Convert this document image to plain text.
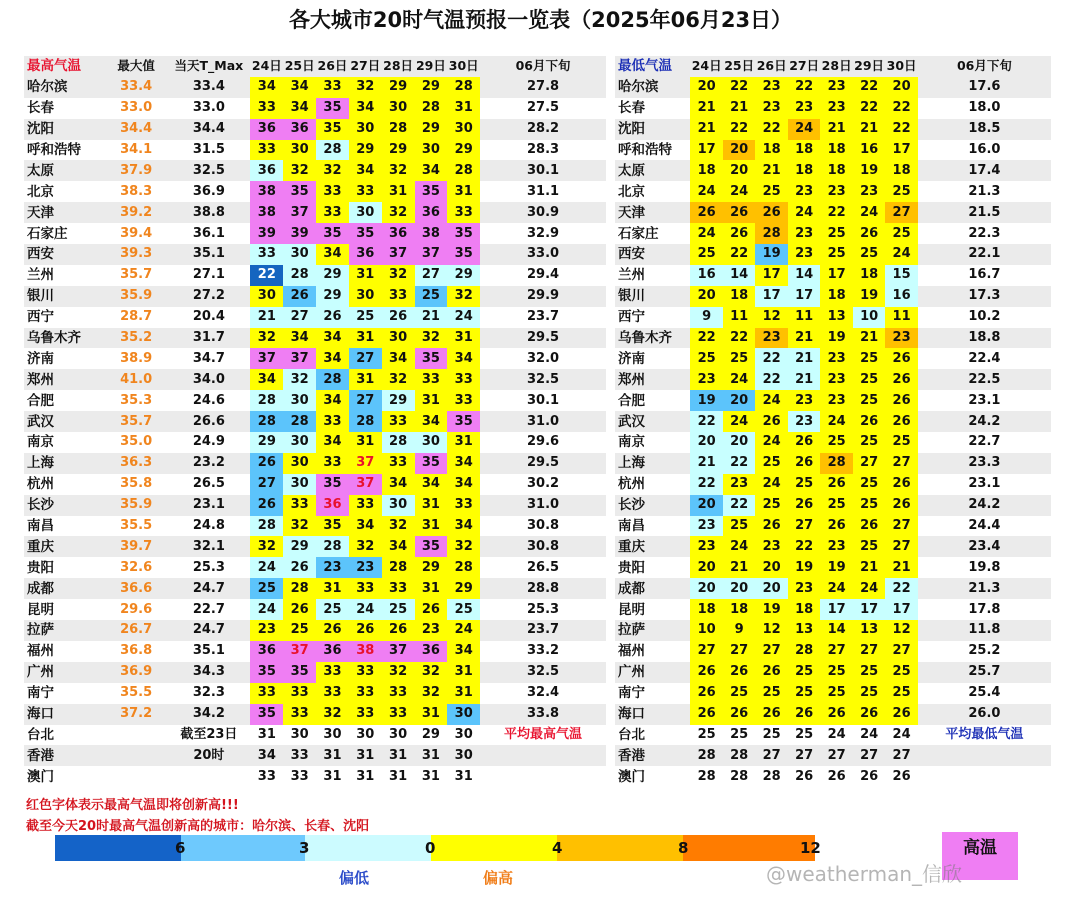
各大城市20时气温预报一览表（2025年06月23日）
最高气温	最大值	当天T_Max	24日	25日	26日	27日	28日	29日	30日	06月下旬
哈尔滨	33.4	33.4	34	34	33	32	29	29	28	27.8
长春	33.0	33.0	33	34	35	34	30	28	31	27.5
沈阳	34.4	34.4	36	36	35	30	28	29	30	28.2
呼和浩特	34.1	31.5	33	30	28	29	29	30	29	28.3
太原	37.9	32.5	36	32	32	34	32	34	28	30.1
北京	38.3	36.9	38	35	33	33	31	35	31	31.1
天津	39.2	38.8	38	37	33	30	32	36	33	30.9
石家庄	39.4	36.1	39	39	35	35	36	38	35	32.9
西安	39.3	35.1	33	30	34	36	37	37	35	33.0
兰州	35.7	27.1	22	28	29	31	32	27	29	29.4
银川	35.9	27.2	30	26	29	30	33	25	32	29.9
西宁	28.7	20.4	21	27	26	25	26	21	24	23.7
乌鲁木齐	35.2	31.7	32	34	34	31	30	32	31	29.5
济南	38.9	34.7	37	37	34	27	34	35	34	32.0
郑州	41.0	34.0	34	32	28	31	32	33	33	32.5
合肥	35.3	24.6	28	30	34	27	29	31	33	30.1
武汉	35.7	26.6	28	28	33	28	33	34	35	31.0
南京	35.0	24.9	29	30	34	31	28	30	31	29.6
上海	36.3	23.2	26	30	33	37	33	35	34	29.5
杭州	35.8	26.5	27	30	35	37	34	34	34	30.2
长沙	35.9	23.1	26	33	36	33	30	31	33	31.0
南昌	35.5	24.8	28	32	35	34	32	31	34	30.8
重庆	39.7	32.1	32	29	28	32	34	35	32	30.8
贵阳	32.6	25.3	24	26	23	23	28	29	28	26.5
成都	36.6	24.7	25	28	31	33	33	31	29	28.8
昆明	29.6	22.7	24	26	25	24	25	26	25	25.3
拉萨	26.7	24.7	23	25	26	26	26	23	24	23.7
福州	36.8	35.1	36	37	36	38	37	36	34	33.2
广州	36.9	34.3	35	35	33	33	32	32	31	32.5
南宁	35.5	32.3	33	33	33	33	33	32	31	32.4
海口	37.2	34.2	35	33	32	33	33	31	30	33.8
台北		截至23日	31	30	30	30	30	29	30	平均最高气温
香港		20时	34	33	31	31	31	31	30	
澳门			33	33	31	31	31	31	31	
最低气温	24日	25日	26日	27日	28日	29日	30日	06月下旬
哈尔滨	20	22	23	22	23	22	20	17.6
长春	21	21	23	23	23	22	22	18.0
沈阳	21	22	22	24	21	21	22	18.5
呼和浩特	17	20	18	18	18	16	17	16.0
太原	18	20	21	18	18	19	18	17.4
北京	24	24	25	23	23	23	25	21.3
天津	26	26	26	24	22	24	27	21.5
石家庄	24	26	28	23	25	26	25	22.3
西安	25	22	19	23	25	25	24	22.1
兰州	16	14	17	14	17	18	15	16.7
银川	20	18	17	17	18	19	16	17.3
西宁	9	11	12	11	13	10	11	10.2
乌鲁木齐	22	22	23	21	19	21	23	18.8
济南	25	25	22	21	23	25	26	22.4
郑州	23	24	22	21	23	25	26	22.5
合肥	19	20	24	23	23	25	26	23.1
武汉	22	24	26	23	24	26	26	24.2
南京	20	20	24	26	25	25	25	22.7
上海	21	22	25	26	28	27	27	23.3
杭州	22	23	24	25	26	25	26	23.1
长沙	20	22	25	26	25	25	26	24.2
南昌	23	25	26	27	26	26	27	24.4
重庆	23	24	23	22	23	25	27	23.4
贵阳	20	21	20	19	19	21	21	19.8
成都	20	20	20	23	24	24	22	21.3
昆明	18	18	19	18	17	17	17	17.8
拉萨	10	9	12	13	14	13	12	11.8
福州	27	27	27	28	27	27	27	25.2
广州	26	26	26	25	25	25	25	25.7
南宁	26	25	25	25	25	25	25	25.4
海口	26	26	26	26	26	26	26	26.0
台北	25	25	25	25	24	24	24	平均最低气温
香港	28	28	27	27	27	27	27	
澳门	28	28	28	26	26	26	26	
红色字体表示最高气温即将创新高!!!
截至今天20时最高气温创新高的城市：哈尔滨、长春、沈阳
6	3	0	4	8	12	高温
偏低	偏高	@weatherman_信欣
